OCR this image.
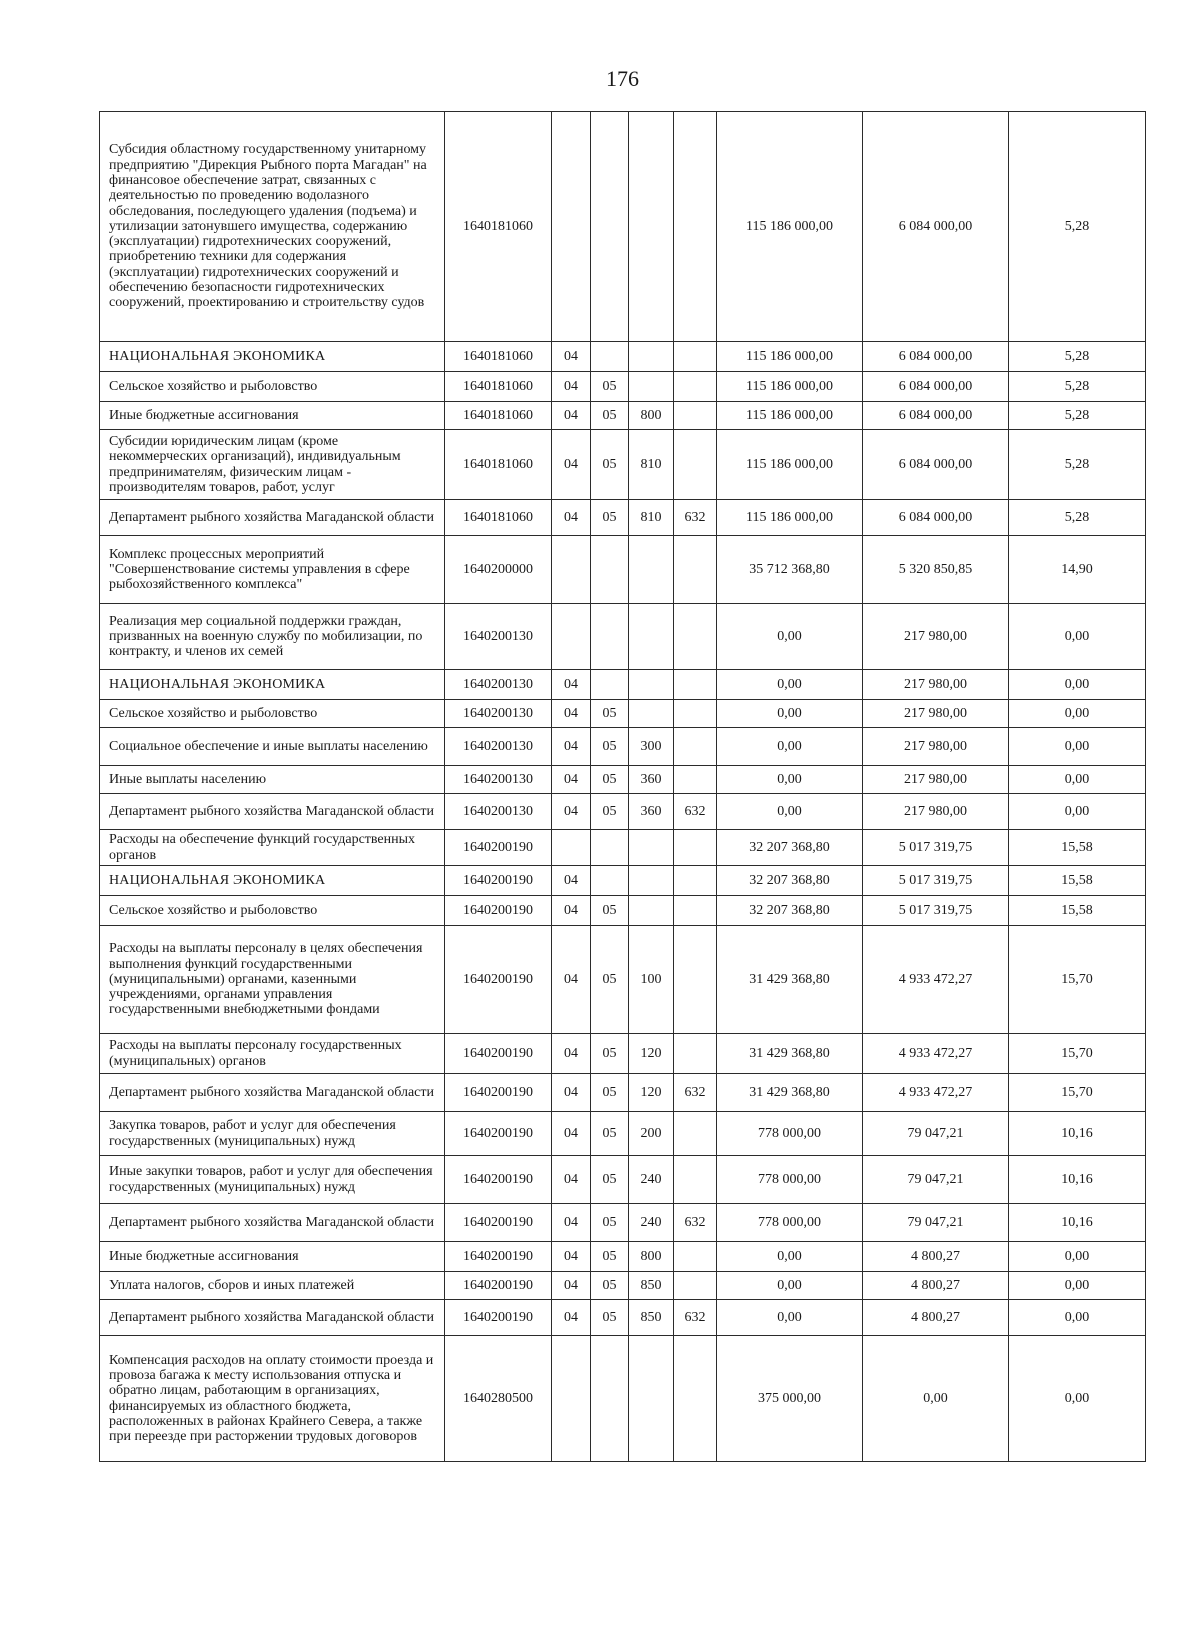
176
Субсидия областному государственному унитарному предприятию "Дирекция Рыбного порта Магадан" на финансовое обеспечение затрат, связанных с деятельностью по проведению водолазного обследования, последующего удаления (подъема) и утилизации затонувшего имущества, содержанию (эксплуатации) гидротехнических сооружений, приобретению техники для содержания (эксплуатации) гидротехнических сооружений и обеспечению безопасности гидротехнических сооружений, проектированию и строительству судов	1640181060					115 186 000,00	6 084 000,00	5,28
НАЦИОНАЛЬНАЯ ЭКОНОМИКА	1640181060	04				115 186 000,00	6 084 000,00	5,28
Сельское хозяйство и рыболовство	1640181060	04	05			115 186 000,00	6 084 000,00	5,28
Иные бюджетные ассигнования	1640181060	04	05	800		115 186 000,00	6 084 000,00	5,28
Субсидии юридическим лицам (кроме некоммерческих организаций), индивидуальным предпринимателям, физическим лицам - производителям товаров, работ, услуг	1640181060	04	05	810		115 186 000,00	6 084 000,00	5,28
Департамент рыбного хозяйства Магаданской области	1640181060	04	05	810	632	115 186 000,00	6 084 000,00	5,28
Комплекс процессных мероприятий "Совершенствование системы управления в сфере рыбохозяйственного комплекса"	1640200000					35 712 368,80	5 320 850,85	14,90
Реализация мер социальной поддержки граждан, призванных на военную службу по мобилизации, по контракту, и членов их семей	1640200130					0,00	217 980,00	0,00
НАЦИОНАЛЬНАЯ ЭКОНОМИКА	1640200130	04				0,00	217 980,00	0,00
Сельское хозяйство и рыболовство	1640200130	04	05			0,00	217 980,00	0,00
Социальное обеспечение и иные выплаты населению	1640200130	04	05	300		0,00	217 980,00	0,00
Иные выплаты населению	1640200130	04	05	360		0,00	217 980,00	0,00
Департамент рыбного хозяйства Магаданской области	1640200130	04	05	360	632	0,00	217 980,00	0,00
Расходы на обеспечение функций государственных органов	1640200190					32 207 368,80	5 017 319,75	15,58
НАЦИОНАЛЬНАЯ ЭКОНОМИКА	1640200190	04				32 207 368,80	5 017 319,75	15,58
Сельское хозяйство и рыболовство	1640200190	04	05			32 207 368,80	5 017 319,75	15,58
Расходы на выплаты персоналу в целях обеспечения выполнения функций государственными (муниципальными) органами, казенными учреждениями, органами управления государственными внебюджетными фондами	1640200190	04	05	100		31 429 368,80	4 933 472,27	15,70
Расходы на выплаты персоналу государственных (муниципальных) органов	1640200190	04	05	120		31 429 368,80	4 933 472,27	15,70
Департамент рыбного хозяйства Магаданской области	1640200190	04	05	120	632	31 429 368,80	4 933 472,27	15,70
Закупка товаров, работ и услуг для обеспечения государственных (муниципальных) нужд	1640200190	04	05	200		778 000,00	79 047,21	10,16
Иные закупки товаров, работ и услуг для обеспечения государственных (муниципальных) нужд	1640200190	04	05	240		778 000,00	79 047,21	10,16
Департамент рыбного хозяйства Магаданской области	1640200190	04	05	240	632	778 000,00	79 047,21	10,16
Иные бюджетные ассигнования	1640200190	04	05	800		0,00	4 800,27	0,00
Уплата налогов, сборов и иных платежей	1640200190	04	05	850		0,00	4 800,27	0,00
Департамент рыбного хозяйства Магаданской области	1640200190	04	05	850	632	0,00	4 800,27	0,00
Компенсация расходов на оплату стоимости проезда и провоза багажа к месту использования отпуска и обратно лицам, работающим в организациях, финансируемых из областного бюджета, расположенных в районах Крайнего Севера, а также при переезде при расторжении трудовых договоров	1640280500					375 000,00	0,00	0,00
